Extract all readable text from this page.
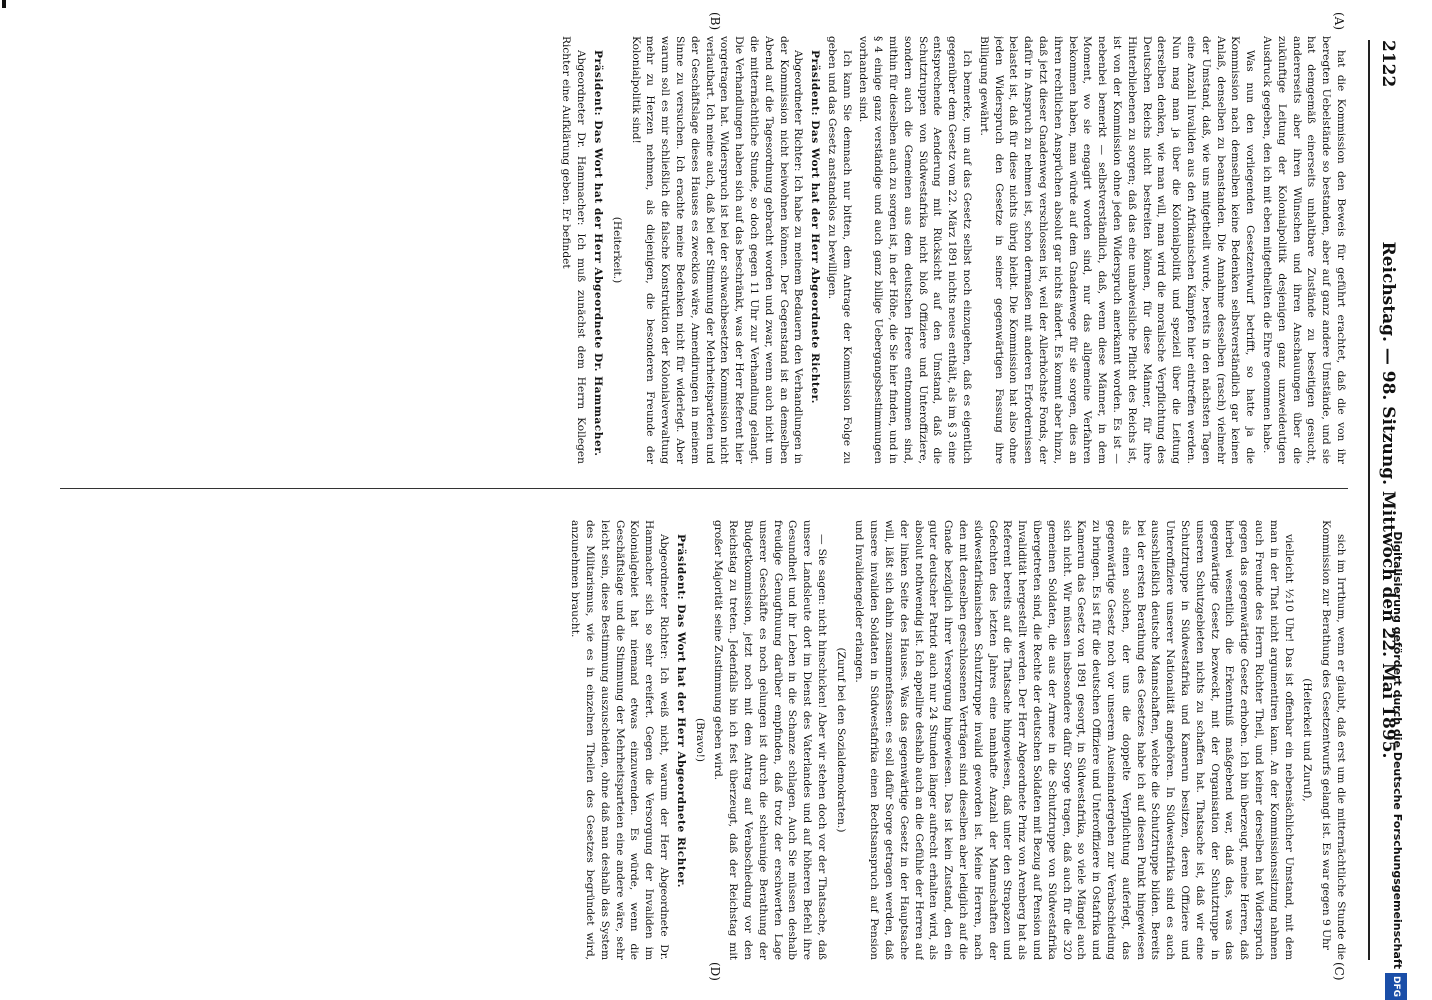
2122
Reichstag. — 98. Sitzung. Mittwoch den 22. Mai 1895.
(A)
(B)
(C)
(D)

hat die Kommission den Beweis für geführt erachtet, daß die von ihr beregten Uebelstände so bestanden, aber auf ganz andere Umstände, und sie hat demgemäß einerseits unhaltbare Zustände zu beseitigen gesucht, andererseits aber ihren Wünschen und ihren Anschauungen über die zukünftige Leitung der Kolonialpolitik desjenigen ganz unzweideutigen Ausdruck gegeben, den ich mit eben mitgetheilten die Ehre genommen habe.

Was nun den vorliegenden Gesetzentwurf betrifft, so hatte ja die Kommission nach demselben keine Bedenken selbstverständlich gar keinen Anlaß, denselben zu beanstanden. Die Annahme desselben (rasch) vielmehr der Umstand, daß, wie uns mitgetheilt wurde, bereits in den nächsten Tagen eine Anzahl Invaliden aus den Afrikanischen Kämpfen hier eintreffen werden. Nun mag man ja über die Kolonialpolitik und speziell über die Leitung derselben denken, wie man will, man wird die moralische Verpflichtung des Deutschen Reichs nicht bestreiten können, für diese Männer, für ihre Hinterbliebenen zu sorgen; daß das eine unabweisliche Pflicht des Reichs ist, ist von der Kommission ohne jeden Widerspruch anerkannt worden. Es ist — nebenbei bemerkt — selbstverständlich, daß, wenn diese Männer, in dem Moment, wo sie engagirt worden sind, nur das allgemeine Verfahren bekommen haben, man würde auf dem Gnadenwege für sie sorgen, dies an ihren rechtlichen Ansprüchen absolut gar nichts ändert. Es kommt aber hinzu, daß jetzt dieser Gnadenweg verschlossen ist, weil der Allerhöchste Fonds, der dafür in Anspruch zu nehmen ist, schon dermaßen mit anderen Erfordernissen belastet ist, daß für diese nichts übrig bleibt. Die Kommission hat also ohne jeden Widerspruch den Gesetze in seiner gegenwärtigen Fassung ihre Billigung gewährt.

Ich bemerke, um auf das Gesetz selbst noch einzugehen, daß es eigentlich gegenüber dem Gesetz vom 22. März 1891 nichts neues enthält, als im § 3 eine entsprechende Aenderung mit Rücksicht auf den Umstand, daß die Schutztruppen von Südwestafrika nicht bloß Offiziere und Unteroffiziere, sondern auch die Gemeinen aus dem deutschen Heere entnommen sind, mithin für dieselben auch zu sorgen ist, in der Höhe, die Sie hier finden, und in § 4 einige ganz verständige und auch ganz billige Uebergangsbestimmungen vorhanden sind.

Ich kann Sie demnach nur bitten, dem Antrage der Kommission Folge zu geben und das Gesetz anstandslos zu bewilligen.

Präsident: Das Wort hat der Herr Abgeordnete Richter.

Abgeordneter Richter: Ich habe zu meinem Bedauern den Verhandlungen in der Kommission nicht beiwohnen können. Der Gegenstand ist an demselben Abend auf die Tagesordnung gebracht worden und zwar, wenn auch nicht um die mitternächtliche Stunde, so doch gegen 11 Uhr zur Verhandlung gelangt. Die Verhandlungen haben sich auf das beschränkt, was der Herr Referent hier vorgetragen hat. Widerspruch ist bei der schwachbesetzten Kommission nicht verlautbart. Ich meine auch, daß bei der Stimmung der Mehrheitsparteien und der Geschäftslage dieses Hauses es zwecklos wäre, Amendirungen in meinem Sinne zu versuchen. Ich erachte meine Bedenken nicht für widerlegt. Aber warum soll es mir schließlich die falsche Konstruktion der Kolonialverwaltung mehr zu Herzen nehmen, als diejenigen, die besonderen Freunde der Kolonialpolitik sind!

(Heiterkeit.)

Präsident: Das Wort hat der Herr Abgeordnete Dr. Hammacher.

Abgeordneter Dr. Hammacher: Ich muß zunächst dem Herrn Kollegen Richter eine Aufklärung geben. Er befindet

sich im Irrthum, wenn er glaubt, daß erst um die mitternächtliche Stunde die Kommission zur Berathung des Gesetzentwurfs gelangt ist. Es war gegen 9 Uhr

(Heiterkeit und Zuruf),

vielleicht ½10 Uhr! Das ist offenbar ein nebensächlicher Umstand, mit dem man in der That nicht argumentiren kann. An der Kommissionssitzung nahmen auch Freunde des Herrn Richter Theil, und keiner derselben hat Widerspruch gegen das gegenwärtige Gesetz erhoben. Ich bin überzeugt, meine Herren, daß hierbei wesentlich die Erkenntniß maßgebend war, daß das, was das gegenwärtige Gesetz bezweckt, mit der Organisation der Schutztruppe in unseren Schutzgebieten nichts zu schaffen hat. Thatsache ist, daß wir eine Schutztruppe in Südwestafrika und Kamerun besitzen, deren Offiziere und Unteroffiziere unserer Nationalität angehören. In Südwestafrika sind es auch ausschließlich deutsche Mannschaften, welche die Schutztruppe bilden. Bereits bei der ersten Berathung des Gesetzes habe ich auf diesen Punkt hingewiesen als einen solchen, der uns die doppelte Verpflichtung auferlegt, das gegenwärtige Gesetz noch vor unserem Auseinandergehen zur Verabschiedung zu bringen. Es ist für die deutschen Offiziere und Unteroffiziere in Ostafrika und Kamerun das Gesetz von 1891 gesorgt, in Südwestafrika, so viele Mängel auch sich nicht. Wir müssen insbesondere dafür Sorge tragen, daß auch für die 320 gemeinen Soldaten, die aus der Armee in die Schutztruppe von Südwestafrika übergetreten sind, die Rechte der deutschen Soldaten mit Bezug auf Pension und Invalidität hergestellt werden. Der Herr Abgeordnete Prinz von Arenberg hat als Referent bereits auf die Thatsache hingewiesen, daß unter den Strapazen und Gefechten des letzten Jahres eine namhafte Anzahl der Mannschaften der südwestafrikanischen Schutztruppe invalid geworden ist. Meine Herren, nach den mit denselben geschlossenen Verträgen sind dieselben aber lediglich auf die Gnade bezüglich ihrer Versorgung hingewiesen. Das ist kein Zustand, den ein guter deutscher Patriot auch nur 24 Stunden länger aufrecht erhalten wird, als absolut nothwendig ist. Ich appellire deshalb auch an die Gefühle der Herren auf der linken Seite des Hauses. Was das gegenwärtige Gesetz in der Hauptsache will, läßt sich dahin zusammenfassen: es soll dafür Sorge getragen werden, daß unsere invaliden Soldaten in Südwestafrika einen Rechtsanspruch auf Pension und Invalidengelder erlangen.

(Zuruf bei den Sozialdemokraten.)

— Sie sagen: nicht hinschicken! Aber wir stehen doch vor der Thatsache, daß unsere Landsleute dort im Dienst des Vaterlandes und auf höheren Befehl ihre Gesundheit und ihr Leben in die Schanze schlagen. Auch Sie müssen deshalb freudige Genugthuung darüber empfinden, daß trotz der erschwerten Lage unserer Geschäfte es noch gelungen ist durch die schleunige Berathung der Budgetkommission, jetzt noch mit dem Antrag auf Verabschiedung vor den Reichstag zu treten. Jedenfalls bin ich fest überzeugt, daß der Reichstag mit großer Majorität seine Zustimmung geben wird.

(Bravo!)

Präsident: Das Wort hat der Herr Abgeordnete Richter.

Abgeordneter Richter: Ich weiß nicht, warum der Herr Abgeordnete Dr. Hammacher sich so sehr ereifert. Gegen die Versorgung der Invaliden im Kolonialgebiet hat niemand etwas einzuwenden. Es würde, wenn die Geschäftslage und die Stimmung der Mehrheitsparteien eine andere wäre, sehr leicht sein, diese Bestimmung auszuscheiden, ohne daß man deshalb das System des Militarismus, wie es in einzelnen Theilen des Gesetzes begründet wird, anzunehmen braucht.	Digitalisierung gefördert durch die Deutsche ForschungsgemeinschaftDFG
